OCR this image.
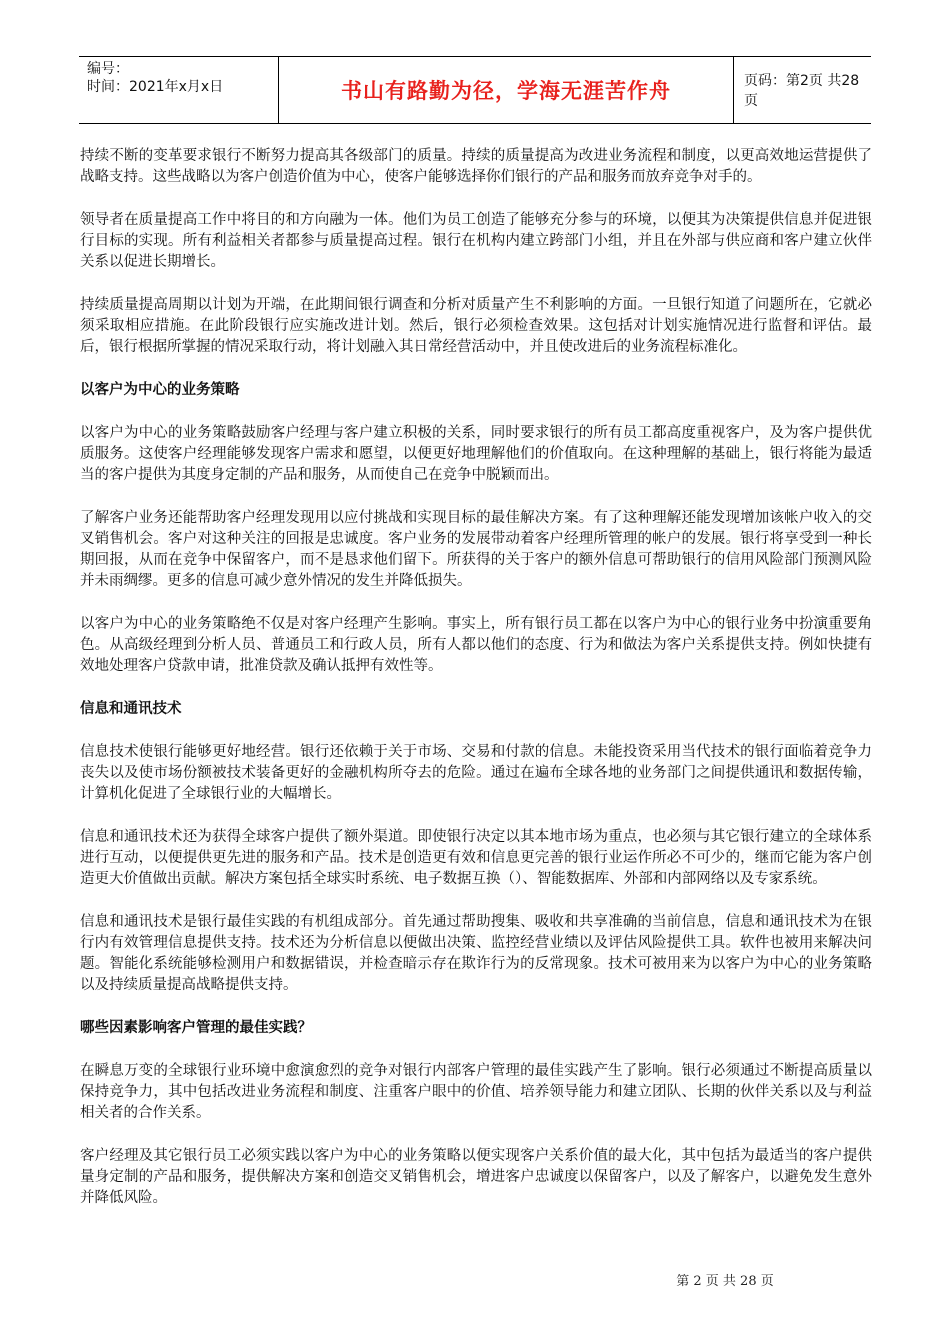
编号：
时间：2021年x月x日	书山有路勤为径，学海无涯苦作舟	页码：第2页 共28页

持续不断的变革要求银行不断努力提高其各级部门的质量。持续的质量提高为改进业务流程和制度，以更高效地运营提供了战略支持。这些战略以为客户创造价值为中心，使客户能够选择你们银行的产品和服务而放弃竞争对手的。

领导者在质量提高工作中将目的和方向融为一体。他们为员工创造了能够充分参与的环境，以便其为决策提供信息并促进银行目标的实现。所有利益相关者都参与质量提高过程。银行在机构内建立跨部门小组，并且在外部与供应商和客户建立伙伴关系以促进长期增长。

持续质量提高周期以计划为开端，在此期间银行调查和分析对质量产生不利影响的方面。一旦银行知道了问题所在，它就必须采取相应措施。在此阶段银行应实施改进计划。然后，银行必须检查效果。这包括对计划实施情况进行监督和评估。最后，银行根据所掌握的情况采取行动，将计划融入其日常经营活动中，并且使改进后的业务流程标准化。

以客户为中心的业务策略

以客户为中心的业务策略鼓励客户经理与客户建立积极的关系，同时要求银行的所有员工都高度重视客户，及为客户提供优质服务。这使客户经理能够发现客户需求和愿望，以便更好地理解他们的价值取向。在这种理解的基础上，银行将能为最适当的客户提供为其度身定制的产品和服务，从而使自己在竞争中脱颖而出。

了解客户业务还能帮助客户经理发现用以应付挑战和实现目标的最佳解决方案。有了这种理解还能发现增加该帐户收入的交叉销售机会。客户对这种关注的回报是忠诚度。客户业务的发展带动着客户经理所管理的帐户的发展。银行将享受到一种长期回报，从而在竞争中保留客户，而不是恳求他们留下。所获得的关于客户的额外信息可帮助银行的信用风险部门预测风险并未雨绸缪。更多的信息可减少意外情况的发生并降低损失。

以客户为中心的业务策略绝不仅是对客户经理产生影响。事实上，所有银行员工都在以客户为中心的银行业务中扮演重要角色。从高级经理到分析人员、普通员工和行政人员，所有人都以他们的态度、行为和做法为客户关系提供支持。例如快捷有效地处理客户贷款申请，批准贷款及确认抵押有效性等。

信息和通讯技术

信息技术使银行能够更好地经营。银行还依赖于关于市场、交易和付款的信息。未能投资采用当代技术的银行面临着竞争力丧失以及使市场份额被技术装备更好的金融机构所夺去的危险。通过在遍布全球各地的业务部门之间提供通讯和数据传输，计算机化促进了全球银行业的大幅增长。

信息和通讯技术还为获得全球客户提供了额外渠道。即使银行决定以其本地市场为重点，也必须与其它银行建立的全球体系进行互动，以便提供更先进的服务和产品。技术是创造更有效和信息更完善的银行业运作所必不可少的，继而它能为客户创造更大价值做出贡献。解决方案包括全球实时系统、电子数据互换（）、智能数据库、外部和内部网络以及专家系统。

信息和通讯技术是银行最佳实践的有机组成部分。首先通过帮助搜集、吸收和共享准确的当前信息，信息和通讯技术为在银行内有效管理信息提供支持。技术还为分析信息以便做出决策、监控经营业绩以及评估风险提供工具。软件也被用来解决问题。智能化系统能够检测用户和数据错误，并检查暗示存在欺诈行为的反常现象。技术可被用来为以客户为中心的业务策略以及持续质量提高战略提供支持。

哪些因素影响客户管理的最佳实践？

在瞬息万变的全球银行业环境中愈演愈烈的竞争对银行内部客户管理的最佳实践产生了影响。银行必须通过不断提高质量以保持竞争力，其中包括改进业务流程和制度、注重客户眼中的价值、培养领导能力和建立团队、长期的伙伴关系以及与利益相关者的合作关系。

客户经理及其它银行员工必须实践以客户为中心的业务策略以便实现客户关系价值的最大化，其中包括为最适当的客户提供量身定制的产品和服务，提供解决方案和创造交叉销售机会，增进客户忠诚度以保留客户，以及了解客户，以避免发生意外并降低风险。

第 2 页 共 28 页
